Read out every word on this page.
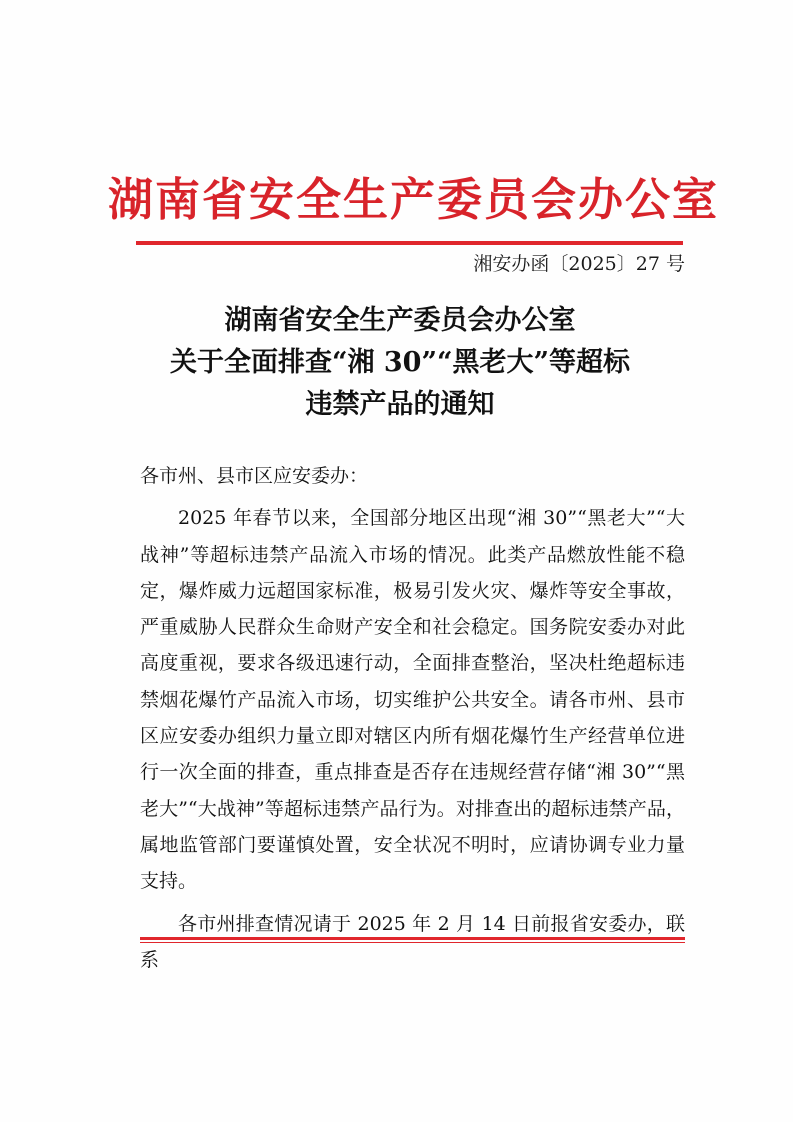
湖南省安全生产委员会办公室
湘安办函〔2025〕27 号
湖南省安全生产委员会办公室
关于全面排查“湘 30”“黑老大”等超标
违禁产品的通知

各市州、县市区应安委办：

2025 年春节以来，全国部分地区出现“湘 30”“黑老大”“大战神”等超标违禁产品流入市场的情况。此类产品燃放性能不稳定，爆炸威力远超国家标准，极易引发火灾、爆炸等安全事故，严重威胁人民群众生命财产安全和社会稳定。国务院安委办对此高度重视，要求各级迅速行动，全面排查整治，坚决杜绝超标违禁烟花爆竹产品流入市场，切实维护公共安全。请各市州、县市区应安委办组织力量立即对辖区内所有烟花爆竹生产经营单位进行一次全面的排查，重点排查是否存在违规经营存储“湘 30”“黑老大”“大战神”等超标违禁产品行为。对排查出的超标违禁产品，属地监管部门要谨慎处置，安全状况不明时，应请协调专业力量支持。

各市州排查情况请于 2025 年 2 月 14 日前报省安委办，联系
